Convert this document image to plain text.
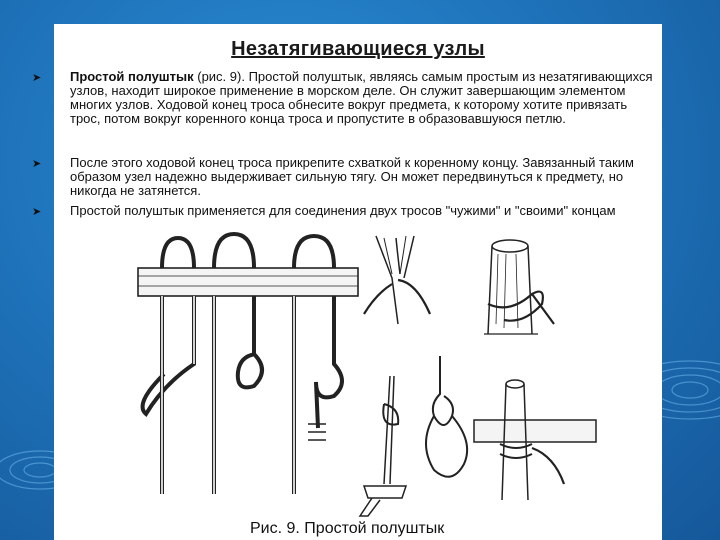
Незатягивающиеся узлы

➤ Простой полуштык (рис. 9). Простой полуштык, являясь самым простым из незатягивающихся узлов, находит широкое применение в морском деле. Он служит завершающим элементом многих узлов. Ходовой конец троса обнесите вокруг предмета, к которому хотите привязать трос, потом вокруг коренного конца троса и пропустите в образовавшуюся петлю.

➤ После этого ходовой конец троса прикрепите схваткой к коренному концу. Завязанный таким образом узел надежно выдерживает сильную тягу. Он может передвинуться к предмету, но никогда не затянется.

➤ Простой полуштык применяется для соединения двух тросов "чужими" и "своими" концам

Рис. 9. Простой полуштык
